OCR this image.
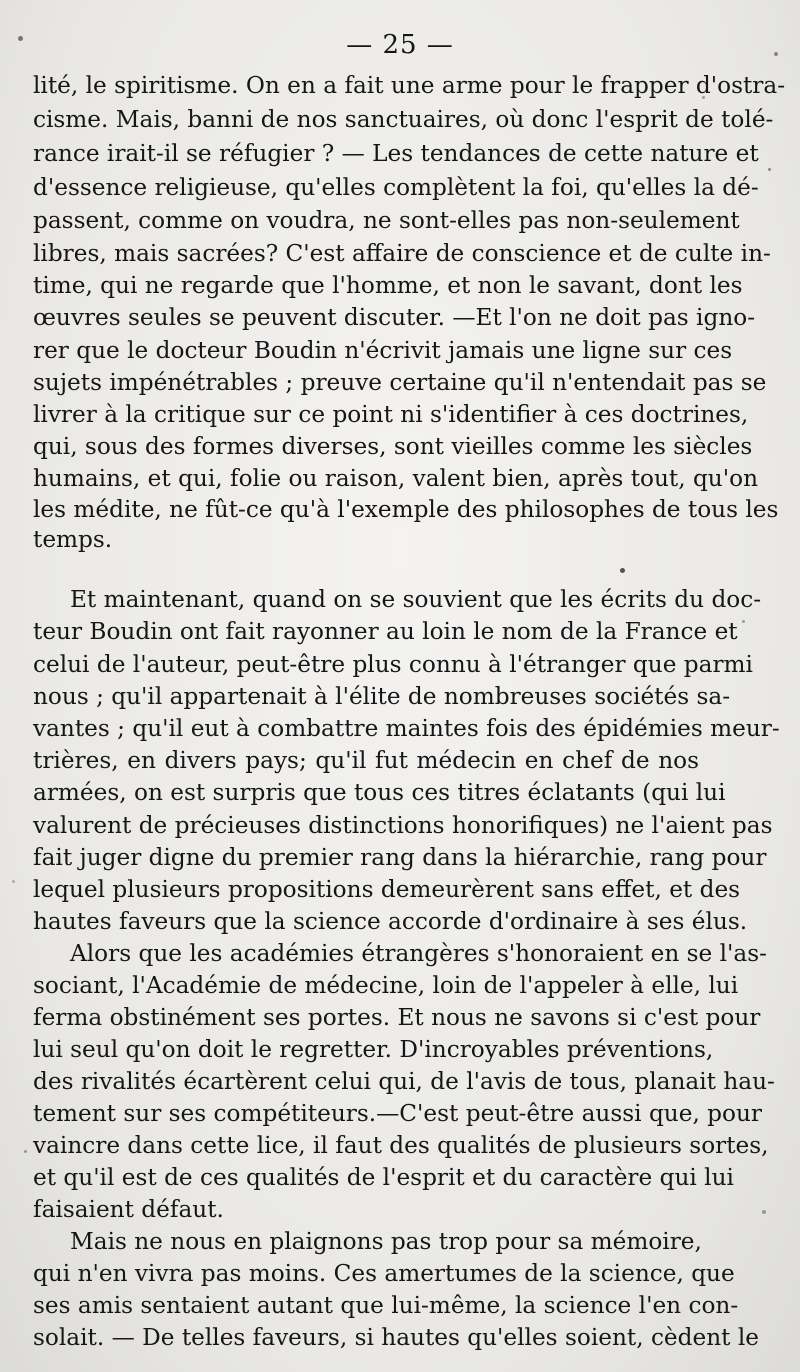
— 25 —
lité, le spiritisme. On en a fait une arme pour le frapper d'ostra-
cisme. Mais, banni de nos sanctuaires, où donc l'esprit de tolé-
rance irait-il se réfugier ? — Les tendances de cette nature et
d'essence religieuse, qu'elles complètent la foi, qu'elles la dé-
passent, comme on voudra, ne sont-elles pas non-seulement
libres, mais sacrées? C'est affaire de conscience et de culte in-
time, qui ne regarde que l'homme, et non le savant, dont les
œuvres seules se peuvent discuter. —Et l'on ne doit pas igno-
rer que le docteur Boudin n'écrivit jamais une ligne sur ces
sujets impénétrables ; preuve certaine qu'il n'entendait pas se
livrer à la critique sur ce point ni s'identifier à ces doctrines,
qui, sous des formes diverses, sont vieilles comme les siècles
humains, et qui, folie ou raison, valent bien, après tout, qu'on
les médite, ne fût-ce qu'à l'exemple des philosophes de tous les
temps.
Et maintenant, quand on se souvient que les écrits du doc-
teur Boudin ont fait rayonner au loin le nom de la France et
celui de l'auteur, peut-être plus connu à l'étranger que parmi
nous ; qu'il appartenait à l'élite de nombreuses sociétés sa-
vantes ; qu'il eut à combattre maintes fois des épidémies meur-
trières, en divers pays; qu'il fut médecin en chef de nos
armées, on est surpris que tous ces titres éclatants (qui lui
valurent de précieuses distinctions honorifiques) ne l'aient pas
fait juger digne du premier rang dans la hiérarchie, rang pour
lequel plusieurs propositions demeurèrent sans effet, et des
hautes faveurs que la science accorde d'ordinaire à ses élus.
Alors que les académies étrangères s'honoraient en se l'as-
sociant, l'Académie de médecine, loin de l'appeler à elle, lui
ferma obstinément ses portes. Et nous ne savons si c'est pour
lui seul qu'on doit le regretter. D'incroyables préventions,
des rivalités écartèrent celui qui, de l'avis de tous, planait hau-
tement sur ses compétiteurs.—C'est peut-être aussi que, pour
vaincre dans cette lice, il faut des qualités de plusieurs sortes,
et qu'il est de ces qualités de l'esprit et du caractère qui lui
faisaient défaut.
Mais ne nous en plaignons pas trop pour sa mémoire,
qui n'en vivra pas moins. Ces amertumes de la science, que
ses amis sentaient autant que lui-même, la science l'en con-
solait. — De telles faveurs, si hautes qu'elles soient, cèdent le
